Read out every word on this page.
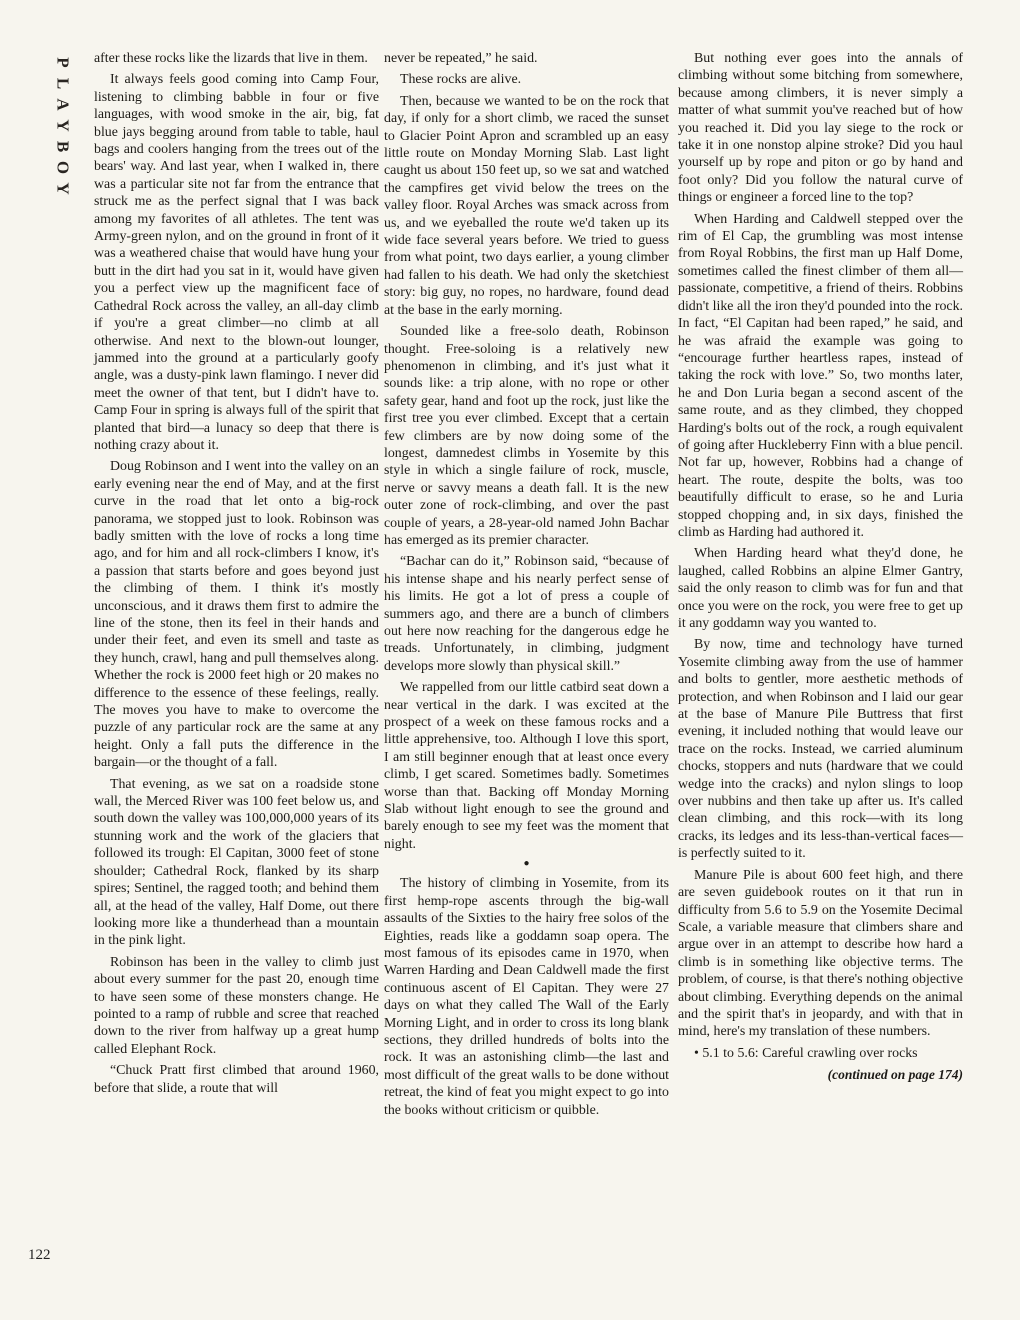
P
L
A
Y
B
O
Y

after these rocks like the lizards that live in them.

It always feels good coming into Camp Four, listening to climbing babble in four or five languages, with wood smoke in the air, big, fat blue jays begging around from table to table, haul bags and coolers hanging from the trees out of the bears' way. And last year, when I walked in, there was a particular site not far from the entrance that struck me as the perfect signal that I was back among my favorites of all athletes. The tent was Army-green nylon, and on the ground in front of it was a weathered chaise that would have hung your butt in the dirt had you sat in it, would have given you a perfect view up the magnificent face of Cathedral Rock across the valley, an all-day climb if you're a great climber—no climb at all otherwise. And next to the blown-out lounger, jammed into the ground at a particularly goofy angle, was a dusty-pink lawn flamingo. I never did meet the owner of that tent, but I didn't have to. Camp Four in spring is always full of the spirit that planted that bird—a lunacy so deep that there is nothing crazy about it.

Doug Robinson and I went into the valley on an early evening near the end of May, and at the first curve in the road that let onto a big-rock panorama, we stopped just to look. Robinson was badly smitten with the love of rocks a long time ago, and for him and all rock-climbers I know, it's a passion that starts before and goes beyond just the climbing of them. I think it's mostly unconscious, and it draws them first to admire the line of the stone, then its feel in their hands and under their feet, and even its smell and taste as they hunch, crawl, hang and pull themselves along. Whether the rock is 2000 feet high or 20 makes no difference to the essence of these feelings, really. The moves you have to make to overcome the puzzle of any particular rock are the same at any height. Only a fall puts the difference in the bargain—or the thought of a fall.

That evening, as we sat on a roadside stone wall, the Merced River was 100 feet below us, and south down the valley was 100,000,000 years of its stunning work and the work of the glaciers that followed its trough: El Capitan, 3000 feet of stone shoulder; Cathedral Rock, flanked by its sharp spires; Sentinel, the ragged tooth; and behind them all, at the head of the valley, Half Dome, out there looking more like a thunderhead than a mountain in the pink light.

Robinson has been in the valley to climb just about every summer for the past 20, enough time to have seen some of these monsters change. He pointed to a ramp of rubble and scree that reached down to the river from halfway up a great hump called Elephant Rock.

“Chuck Pratt first climbed that around 1960, before that slide, a route that will

never be repeated,” he said.

These rocks are alive.

Then, because we wanted to be on the rock that day, if only for a short climb, we raced the sunset to Glacier Point Apron and scrambled up an easy little route on Monday Morning Slab. Last light caught us about 150 feet up, so we sat and watched the campfires get vivid below the trees on the valley floor. Royal Arches was smack across from us, and we eyeballed the route we'd taken up its wide face several years before. We tried to guess from what point, two days earlier, a young climber had fallen to his death. We had only the sketchiest story: big guy, no ropes, no hardware, found dead at the base in the early morning.

Sounded like a free-solo death, Robinson thought. Free-soloing is a relatively new phenomenon in climbing, and it's just what it sounds like: a trip alone, with no rope or other safety gear, hand and foot up the rock, just like the first tree you ever climbed. Except that a certain few climbers are by now doing some of the longest, damnedest climbs in Yosemite by this style in which a single failure of rock, muscle, nerve or savvy means a death fall. It is the new outer zone of rock-climbing, and over the past couple of years, a 28-year-old named John Bachar has emerged as its premier character.

“Bachar can do it,” Robinson said, “because of his intense shape and his nearly perfect sense of his limits. He got a lot of press a couple of summers ago, and there are a bunch of climbers out here now reaching for the dangerous edge he treads. Unfortunately, in climbing, judgment develops more slowly than physical skill.”

We rappelled from our little catbird seat down a near vertical in the dark. I was excited at the prospect of a week on these famous rocks and a little apprehensive, too. Although I love this sport, I am still beginner enough that at least once every climb, I get scared. Sometimes badly. Sometimes worse than that. Backing off Monday Morning Slab without light enough to see the ground and barely enough to see my feet was the moment that night.

●

The history of climbing in Yosemite, from its first hemp-rope ascents through the big-wall assaults of the Sixties to the hairy free solos of the Eighties, reads like a goddamn soap opera. The most famous of its episodes came in 1970, when Warren Harding and Dean Caldwell made the first continuous ascent of El Capitan. They were 27 days on what they called The Wall of the Early Morning Light, and in order to cross its long blank sections, they drilled hundreds of bolts into the rock. It was an astonishing climb—the last and most difficult of the great walls to be done without retreat, the kind of feat you might expect to go into the books without criticism or quibble.

But nothing ever goes into the annals of climbing without some bitching from somewhere, because among climbers, it is never simply a matter of what summit you've reached but of how you reached it. Did you lay siege to the rock or take it in one nonstop alpine stroke? Did you haul yourself up by rope and piton or go by hand and foot only? Did you follow the natural curve of things or engineer a forced line to the top?

When Harding and Caldwell stepped over the rim of El Cap, the grumbling was most intense from Royal Robbins, the first man up Half Dome, sometimes called the finest climber of them all—passionate, competitive, a friend of theirs. Robbins didn't like all the iron they'd pounded into the rock. In fact, “El Capitan had been raped,” he said, and he was afraid the example was going to “encourage further heartless rapes, instead of taking the rock with love.” So, two months later, he and Don Luria began a second ascent of the same route, and as they climbed, they chopped Harding's bolts out of the rock, a rough equivalent of going after Huckleberry Finn with a blue pencil. Not far up, however, Robbins had a change of heart. The route, despite the bolts, was too beautifully difficult to erase, so he and Luria stopped chopping and, in six days, finished the climb as Harding had authored it.

When Harding heard what they'd done, he laughed, called Robbins an alpine Elmer Gantry, said the only reason to climb was for fun and that once you were on the rock, you were free to get up it any goddamn way you wanted to.

By now, time and technology have turned Yosemite climbing away from the use of hammer and bolts to gentler, more aesthetic methods of protection, and when Robinson and I laid our gear at the base of Manure Pile Buttress that first evening, it included nothing that would leave our trace on the rocks. Instead, we carried aluminum chocks, stoppers and nuts (hardware that we could wedge into the cracks) and nylon slings to loop over nubbins and then take up after us. It's called clean climbing, and this rock—with its long cracks, its ledges and its less-than-vertical faces—is perfectly suited to it.

Manure Pile is about 600 feet high, and there are seven guidebook routes on it that run in difficulty from 5.6 to 5.9 on the Yosemite Decimal Scale, a variable measure that climbers share and argue over in an attempt to describe how hard a climb is in something like objective terms. The problem, of course, is that there's nothing objective about climbing. Everything depends on the animal and the spirit that's in jeopardy, and with that in mind, here's my translation of these numbers.

• 5.1 to 5.6: Careful crawling over rocks

(continued on page 174)

122
